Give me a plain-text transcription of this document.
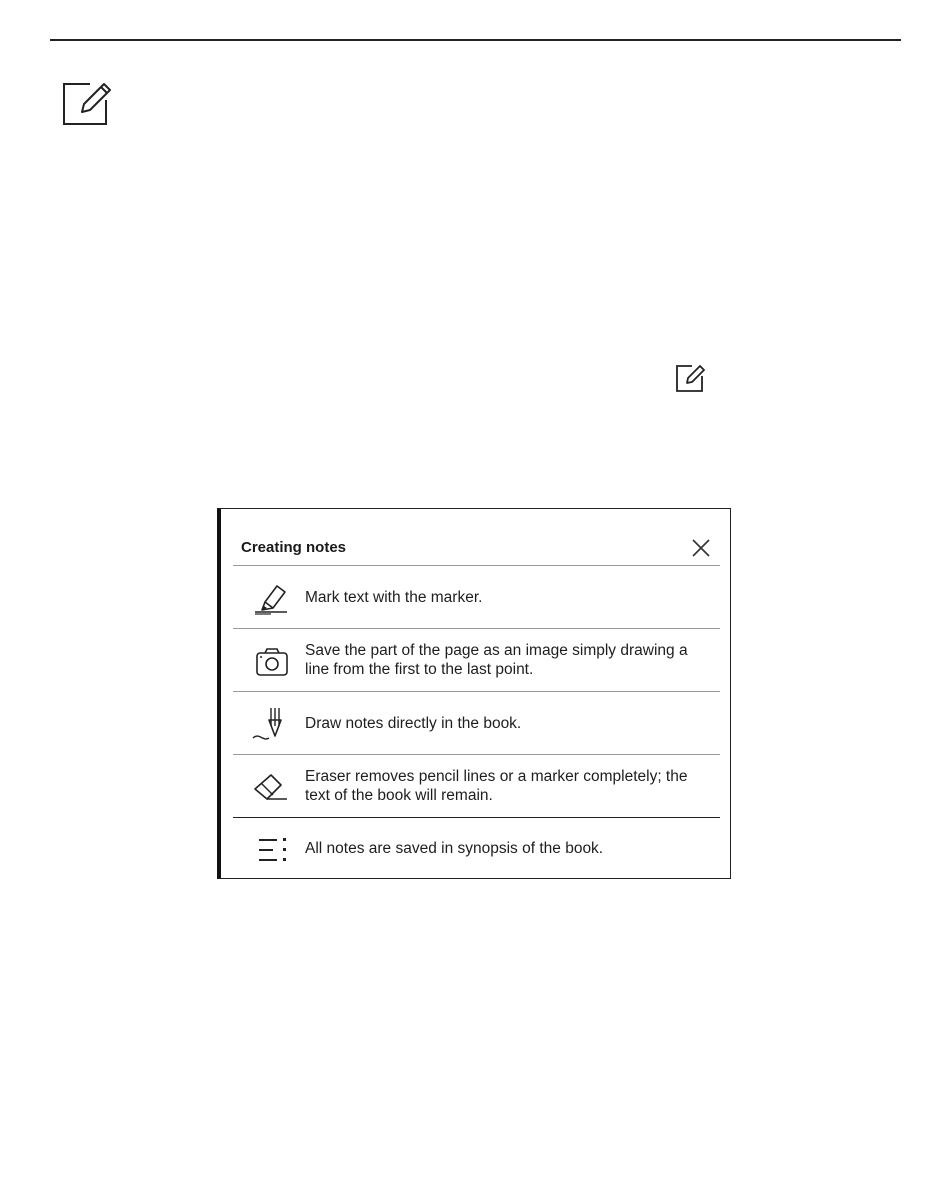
Creating notes
Mark text with the marker.
Save the part of the page as an image simply drawing a line from the first to the last point.
Draw notes directly in the book.
Eraser removes pencil lines or a marker completely; the text of the book will remain.
All notes are saved in synopsis of the book.
